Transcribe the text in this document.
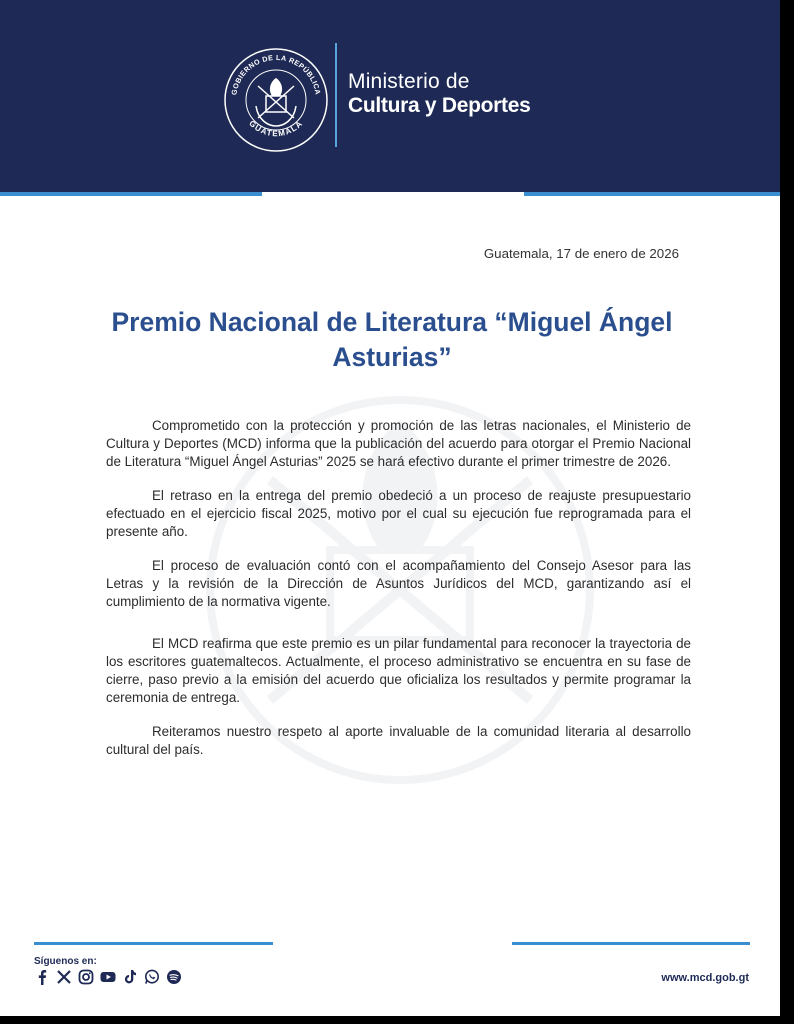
GOBIERNO DE LA REPÚBLICA
GUATEMALA
Ministerio de
Cultura y Deportes
Guatemala, 17 de enero de 2026
Premio Nacional de Literatura “Miguel Ángel Asturias”

Comprometido con la protección y promoción de las letras nacionales, el Ministerio de Cultura y Deportes (MCD) informa que la publicación del acuerdo para otorgar el Premio Nacional de Literatura “Miguel Ángel Asturias” 2025 se hará efectivo durante el primer trimestre de 2026.

El retraso en la entrega del premio obedeció a un proceso de reajuste presupuestario efectuado en el ejercicio fiscal 2025, motivo por el cual su ejecución fue reprogramada para el presente año.

El proceso de evaluación contó con el acompañamiento del Consejo Asesor para las Letras y la revisión de la Dirección de Asuntos Jurídicos del MCD, garantizando así el cumplimiento de la normativa vigente.

El MCD reafirma que este premio es un pilar fundamental para reconocer la trayectoria de los escritores guatemaltecos. Actualmente, el proceso administrativo se encuentra en su fase de cierre, paso previo a la emisión del acuerdo que oficializa los resultados y permite programar la ceremonia de entrega.

Reiteramos nuestro respeto al aporte invaluable de la comunidad literaria al desarrollo cultural del país.

Síguenos en:
www.mcd.gob.gt
